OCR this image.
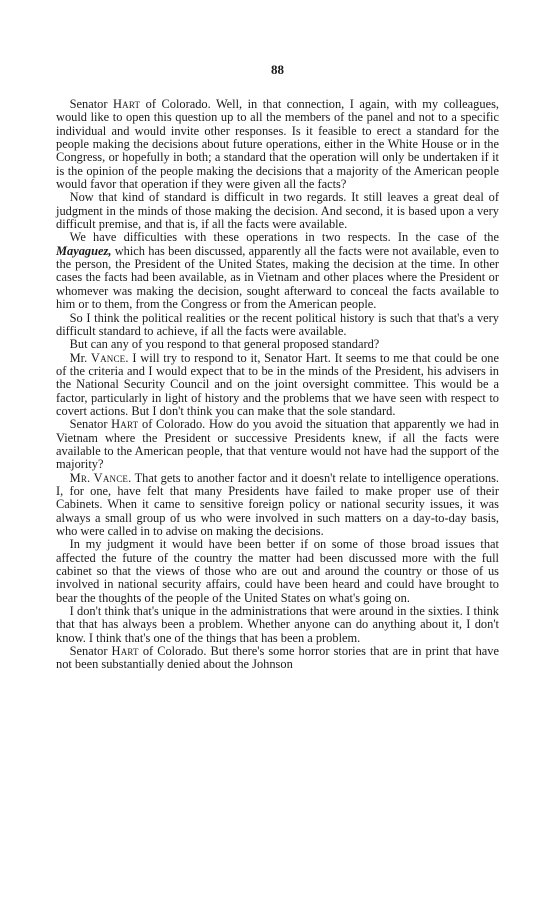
88

Senator Hart of Colorado. Well, in that connection, I again, with my colleagues, would like to open this question up to all the members of the panel and not to a specific individual and would invite other responses. Is it feasible to erect a standard for the people making the decisions about future operations, either in the White House or in the Congress, or hopefully in both; a standard that the operation will only be undertaken if it is the opinion of the people making the decisions that a majority of the American people would favor that operation if they were given all the facts?

Now that kind of standard is difficult in two regards. It still leaves a great deal of judgment in the minds of those making the decision. And second, it is based upon a very difficult premise, and that is, if all the facts were available.

We have difficulties with these operations in two respects. In the case of the Mayaguez, which has been discussed, apparently all the facts were not available, even to the person, the President of the United States, making the decision at the time. In other cases the facts had been available, as in Vietnam and other places where the President or whomever was making the decision, sought afterward to conceal the facts available to him or to them, from the Congress or from the American people.

So I think the political realities or the recent political history is such that that's a very difficult standard to achieve, if all the facts were available.

But can any of you respond to that general proposed standard?

Mr. Vance. I will try to respond to it, Senator Hart. It seems to me that could be one of the criteria and I would expect that to be in the minds of the President, his advisers in the National Security Council and on the joint oversight committee. This would be a factor, particularly in light of history and the problems that we have seen with respect to covert actions. But I don't think you can make that the sole standard.

Senator Hart of Colorado. How do you avoid the situation that apparently we had in Vietnam where the President or successive Presidents knew, if all the facts were available to the American people, that that venture would not have had the support of the majority?

Mr. Vance. That gets to another factor and it doesn't relate to intelligence operations. I, for one, have felt that many Presidents have failed to make proper use of their Cabinets. When it came to sensitive foreign policy or national security issues, it was always a small group of us who were involved in such matters on a day-to-day basis, who were called in to advise on making the decisions.

In my judgment it would have been better if on some of those broad issues that affected the future of the country the matter had been discussed more with the full cabinet so that the views of those who are out and around the country or those of us involved in national security affairs, could have been heard and could have brought to bear the thoughts of the people of the United States on what's going on.

I don't think that's unique in the administrations that were around in the sixties. I think that that has always been a problem. Whether anyone can do anything about it, I don't know. I think that's one of the things that has been a problem.

Senator Hart of Colorado. But there's some horror stories that are in print that have not been substantially denied about the Johnson
